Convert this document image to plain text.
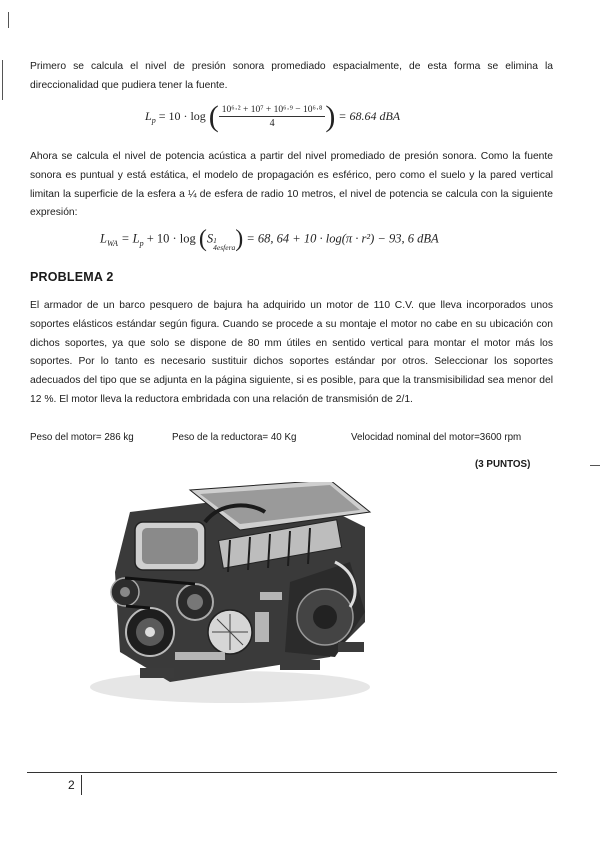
Primero se calcula el nivel de presión sonora promediado espacialmente, de esta forma se elimina la direccionalidad que pudiera tener la fuente.
$L_p = 10 \cdot \log$ ( $\frac{\text{10⁶·² + 10⁷ + 10⁶·⁹ − 10⁶·⁸}}{4}$ ) = 68.64 dBA
Ahora se calcula el nivel de potencia acústica a partir del nivel promediado de presión sonora. Como la fuente sonora es puntual y está estática, el modelo de propagación es esférico, pero como el suelo y la pared vertical limitan la superficie de la esfera a ¼ de esfera de radio 10 metros, el nivel de potencia se calcula con la siguiente expresión:
$L_{WA} = L_p + 10 \cdot \log (S$ 1
4esfera) = 68, 64 + 10 · log(π · r²) − 93, 6 dBA
PROBLEMA 2
El armador de un barco pesquero de bajura ha adquirido un motor de 110 C.V. que lleva incorporados unos soportes elásticos estándar según figura. Cuando se procede a su montaje el motor no cabe en su ubicación con dichos soportes, ya que solo se dispone de 80 mm útiles en sentido vertical para montar el motor más los soportes. Por lo tanto es necesario sustituir dichos soportes estándar por otros. Seleccionar los soportes adecuados del tipo que se adjunta en la página siguiente, si es posible, para que la transmisibilidad sea menor del 12 %. El motor lleva la reductora embridada con una relación de transmisión de 2/1.
Peso del motor= 286 kg	Peso de la reductora= 40 Kg	Velocidad nominal del motor=3600 rpm
(3 PUNTOS)
2
